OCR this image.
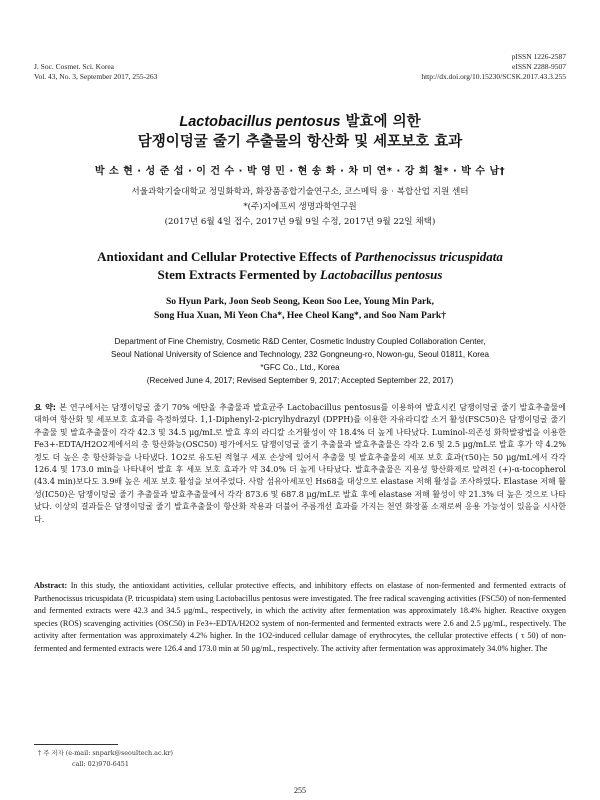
pISSN 1226-2587
eISSN 2288-9507
http://dx.doi.org/10.15230/SCSK.2017.43.3.255
J. Soc. Cosmet. Sci. Korea
Vol. 43, No. 3, September 2017, 255-263
Lactobacillus pentosus 발효에 의한
담쟁이덩굴 줄기 추출물의 항산화 및 세포보호 효과
박 소 현 · 성 준 섭 · 이 건 수 · 박 영 민 · 현 송 화 · 차 미 연* · 강 희 철* · 박 수 남†
서울과학기술대학교 정밀화학과, 화장품종합기술연구소, 코스메틱 융 · 복합산업 지원 센터
*(주)지에프씨 생명과학연구원
(2017년 6월 4일 접수, 2017년 9월 9일 수정, 2017년 9월 22일 채택)
Antioxidant and Cellular Protective Effects of Parthenocissus tricuspidata
Stem Extracts Fermented by Lactobacillus pentosus
So Hyun Park, Joon Seob Seong, Keon Soo Lee, Young Min Park,
Song Hua Xuan, Mi Yeon Cha*, Hee Cheol Kang*, and Soo Nam Park†
Department of Fine Chemistry, Cosmetic R&D Center, Cosmetic Industry Coupled Collaboration Center,
Seoul National University of Science and Technology, 232 Gongneung-ro, Nowon-gu, Seoul 01811, Korea
*GFC Co., Ltd., Korea
(Received June 4, 2017; Revised September 9, 2017; Accepted September 22, 2017)
요 약: 본 연구에서는 담쟁이덩굴 줄기 70% 에탄올 추출물과 발효균주 Lactobacillus pentosus를 이용하여 발효시킨 담쟁이덩굴 줄기 발효추출물에 대하여 항산화 및 세포보호 효과를 측정하였다. 1,1-Diphenyl-2-picrylhydrazyl (DPPH)를 이용한 자유라디칼 소거 활성(FSC50)은 담쟁이덩굴 줄기 추출물 및 발효추출물이 각각 42.3 및 34.5 μg/mL로 발효 후의 라디칼 소거활성이 약 18.4% 더 높게 나타났다. Luminol-의존성 화학발광법을 이용한 Fe3+-EDTA/H2O2계에서의 총 항산화능(OSC50) 평가에서도 담쟁이덩굴 줄기 추출물과 발효추출물은 각각 2.6 및 2.5 μg/mL로 발효 후가 약 4.2% 정도 더 높은 총 항산화능을 나타냈다. 1O2로 유도된 적혈구 세포 손상에 있어서 추출물 및 발효추출물의 세포 보호 효과(τ50)는 50 μg/mL에서 각각 126.4 및 173.0 min을 나타내어 발효 후 세포 보호 효과가 약 34.0% 더 높게 나타났다. 발효추출물은 지용성 항산화제로 알려진 (+)-α-tocopherol (43.4 min)보다도 3.9배 높은 세포 보호 활성을 보여주었다. 사람 섬유아세포인 Hs68을 대상으로 elastase 저해 활성을 조사하였다. Elastase 저해 활성(IC50)은 담쟁이덩굴 줄기 추출물과 발효추출물에서 각각 873.6 및 687.8 μg/mL로 발효 후에 elastase 저해 활성이 약 21.3% 더 높은 것으로 나타났다. 이상의 결과들은 담쟁이덩굴 줄기 발효추출물이 항산화 작용과 더불어 주름개선 효과를 가지는 천연 화장품 소재로써 응용 가능성이 있음을 시사한다.
Abstract: In this study, the antioxidant activities, cellular protective effects, and inhibitory effects on elastase of non-fermented and fermented extracts of Parthenocissus tricuspidata (P. tricuspidata) stem using Lactobacillus pentosus were investigated. The free radical scavenging activities (FSC50) of non-fermented and fermented extracts were 42.3 and 34.5 μg/mL, respectively, in which the activity after fermentation was approximately 18.4% higher. Reactive oxygen species (ROS) scavenging activities (OSC50) in Fe3+-EDTA/H2O2 system of non-fermented and fermented extracts were 2.6 and 2.5 μg/mL, respectively. The activity after fermentation was approximately 4.2% higher. In the 1O2-induced cellular damage of erythrocytes, the cellular protective effects ( τ 50) of non-fermented and fermented extracts were 126.4 and 173.0 min at 50 μg/mL, respectively. The activity after fermentation was approximately 34.0% higher. The
† 주 저자 (e-mail: snpark@seoultech.ac.kr)
call: 02)970-6451
255
